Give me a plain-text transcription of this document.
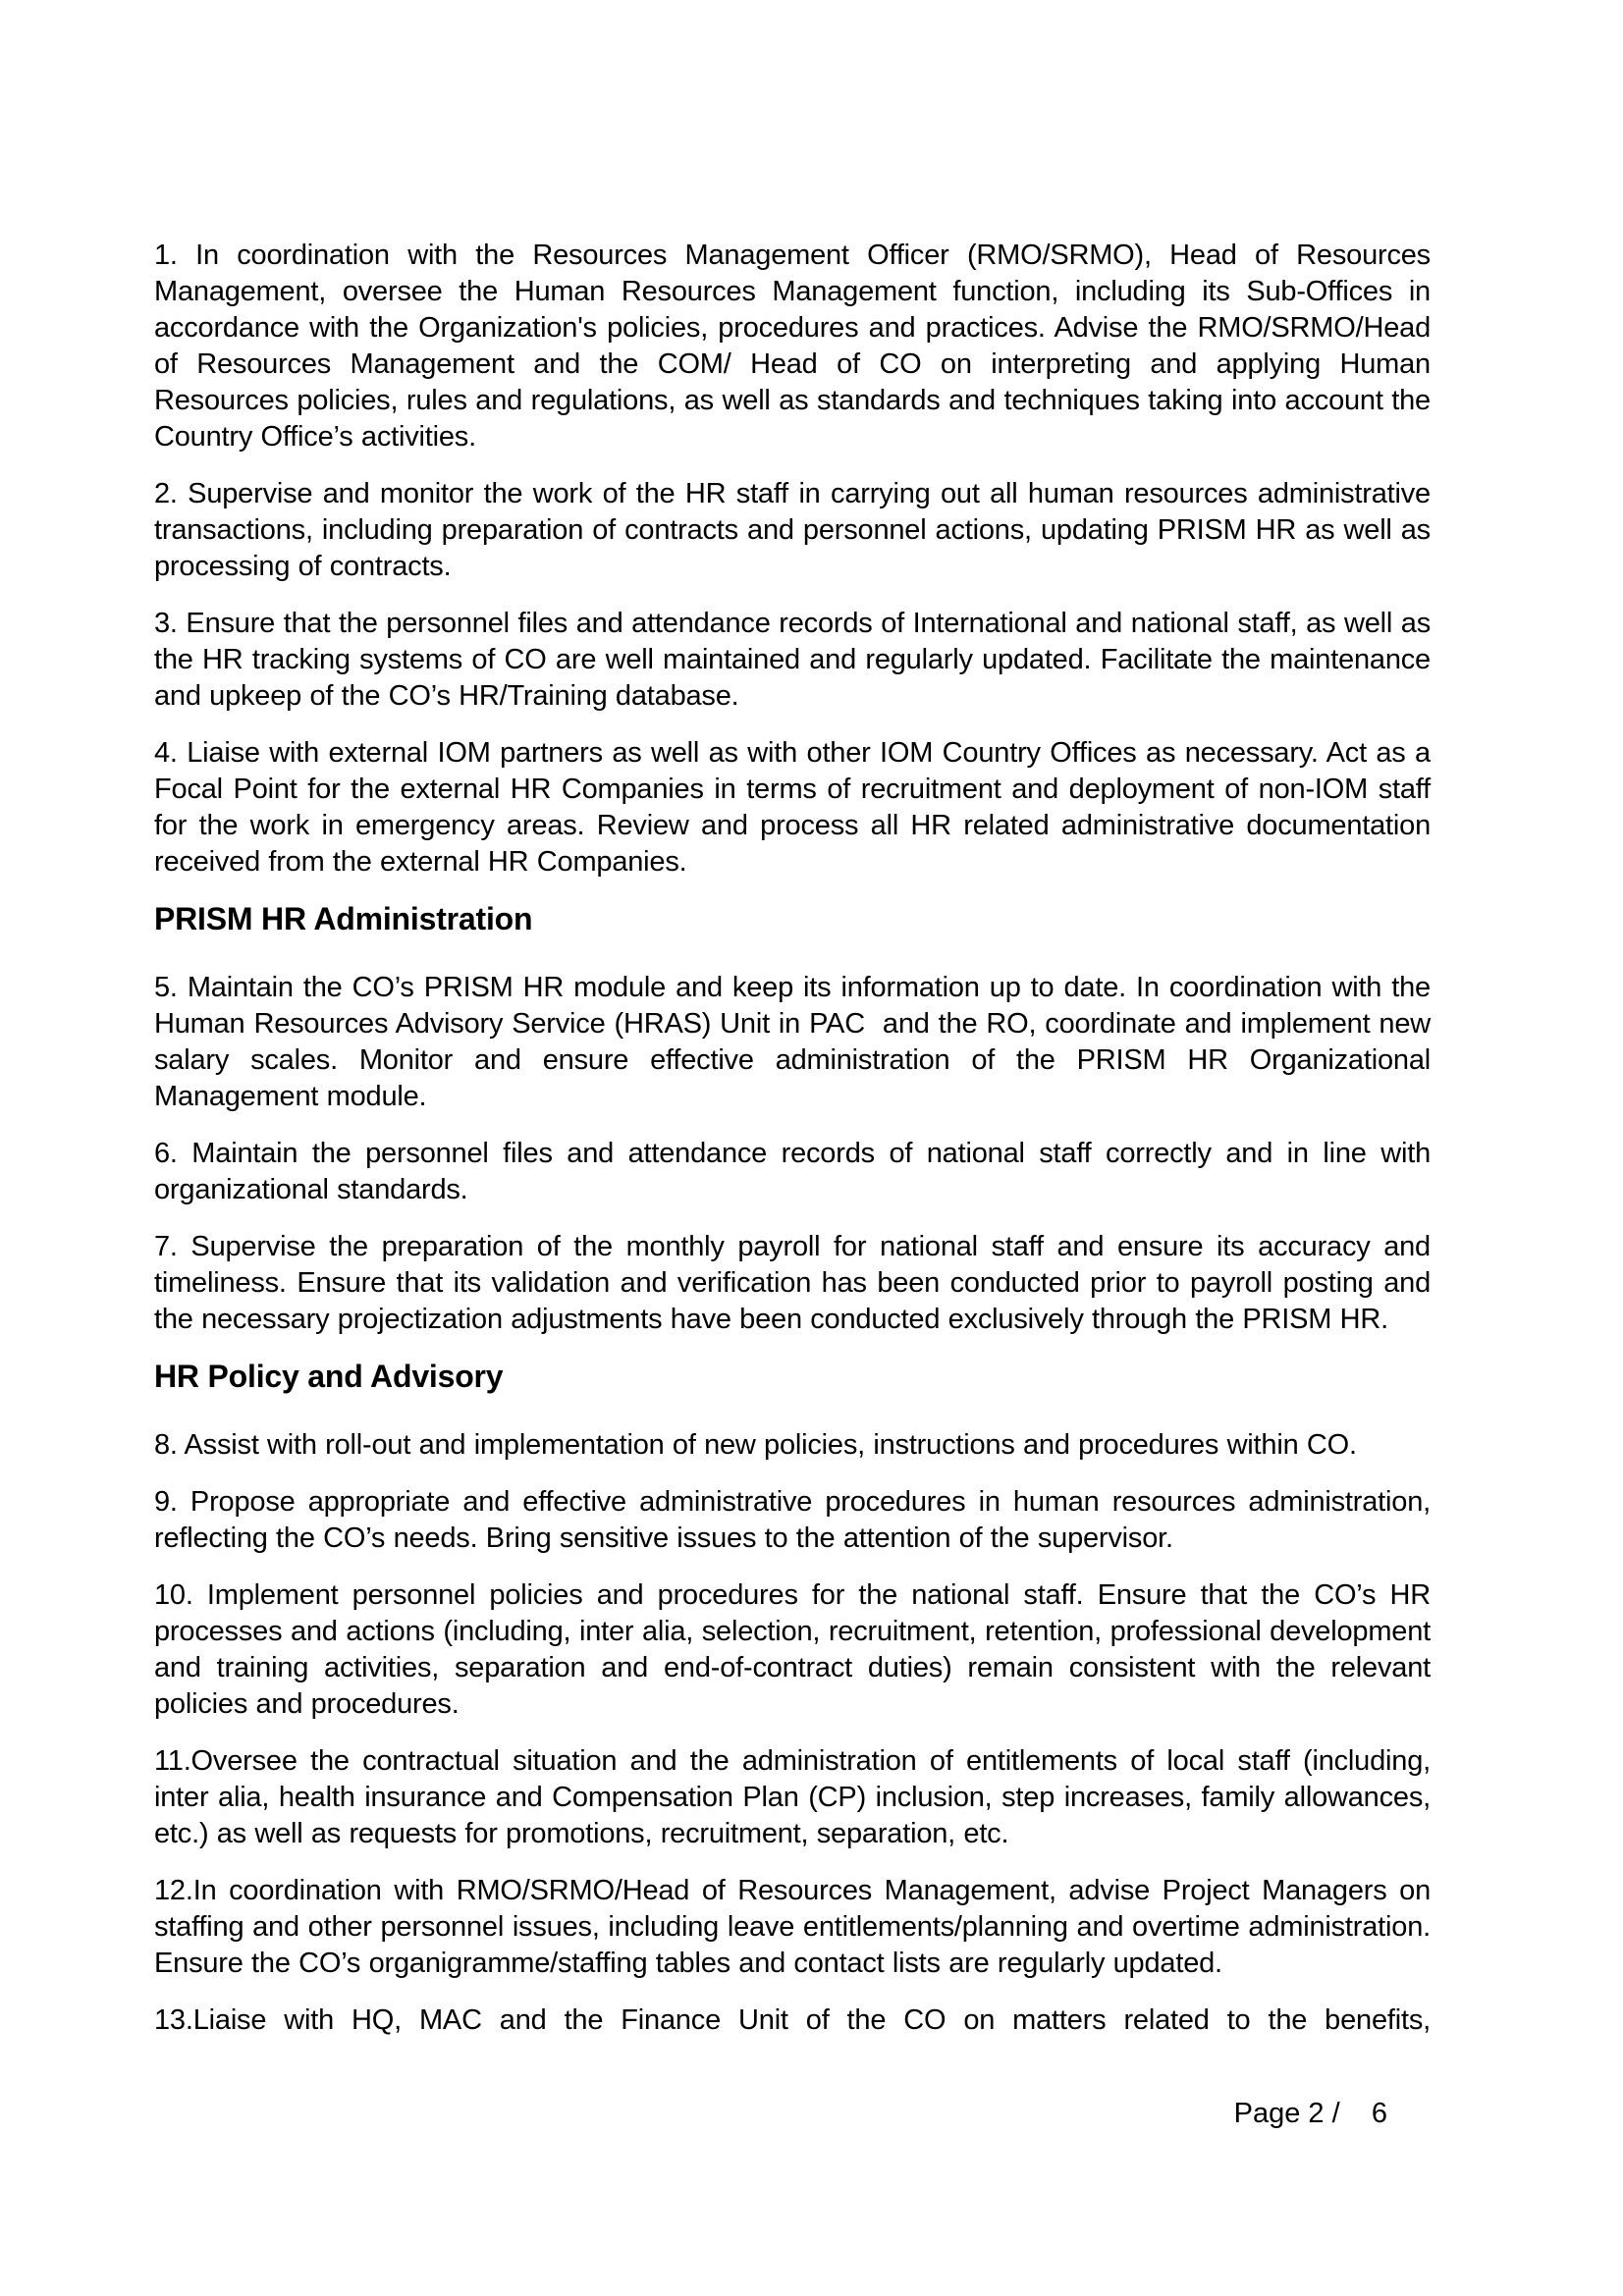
1. In coordination with the Resources Management Officer (RMO/SRMO), Head of Resources Management, oversee the Human Resources Management function, including its Sub-Offices in accordance with the Organization's policies, procedures and practices. Advise the RMO/SRMO/Head of Resources Management and the COM/ Head of CO on interpreting and applying Human Resources policies, rules and regulations, as well as standards and techniques taking into account the Country Office’s activities.

2. Supervise and monitor the work of the HR staff in carrying out all human resources administrative transactions, including preparation of contracts and personnel actions, updating PRISM HR as well as processing of contracts.

3. Ensure that the personnel files and attendance records of International and national staff, as well as the HR tracking systems of CO are well maintained and regularly updated. Facilitate the maintenance and upkeep of the CO’s HR/Training database.

4. Liaise with external IOM partners as well as with other IOM Country Offices as necessary. Act as a Focal Point for the external HR Companies in terms of recruitment and deployment of non-IOM staff for the work in emergency areas. Review and process all HR related administrative documentation received from the external HR Companies.

PRISM HR Administration

5. Maintain the CO’s PRISM HR module and keep its information up to date. In coordination with the Human Resources Advisory Service (HRAS) Unit in PAC  and the RO, coordinate and implement new salary scales. Monitor and ensure effective administration of the PRISM HR Organizational Management module.

6. Maintain the personnel files and attendance records of national staff correctly and in line with organizational standards.

7. Supervise the preparation of the monthly payroll for national staff and ensure its accuracy and timeliness. Ensure that its validation and verification has been conducted prior to payroll posting and the necessary projectization adjustments have been conducted exclusively through the PRISM HR.

HR Policy and Advisory

8. Assist with roll-out and implementation of new policies, instructions and procedures within CO.

9. Propose appropriate and effective administrative procedures in human resources administration, reflecting the CO’s needs. Bring sensitive issues to the attention of the supervisor.

10. Implement personnel policies and procedures for the national staff. Ensure that the CO’s HR processes and actions (including, inter alia, selection, recruitment, retention, professional development and training activities, separation and end-of-contract duties) remain consistent with the relevant policies and procedures.

11.Oversee the contractual situation and the administration of entitlements of local staff (including, inter alia, health insurance and Compensation Plan (CP) inclusion, step increases, family allowances, etc.) as well as requests for promotions, recruitment, separation, etc.

12.In coordination with RMO/SRMO/Head of Resources Management, advise Project Managers on staffing and other personnel issues, including leave entitlements/planning and overtime administration. Ensure the CO’s organigramme/staffing tables and contact lists are regularly updated.

13.Liaise with HQ, MAC and the Finance Unit of the CO on matters related to the benefits,

Page 2 /    6
